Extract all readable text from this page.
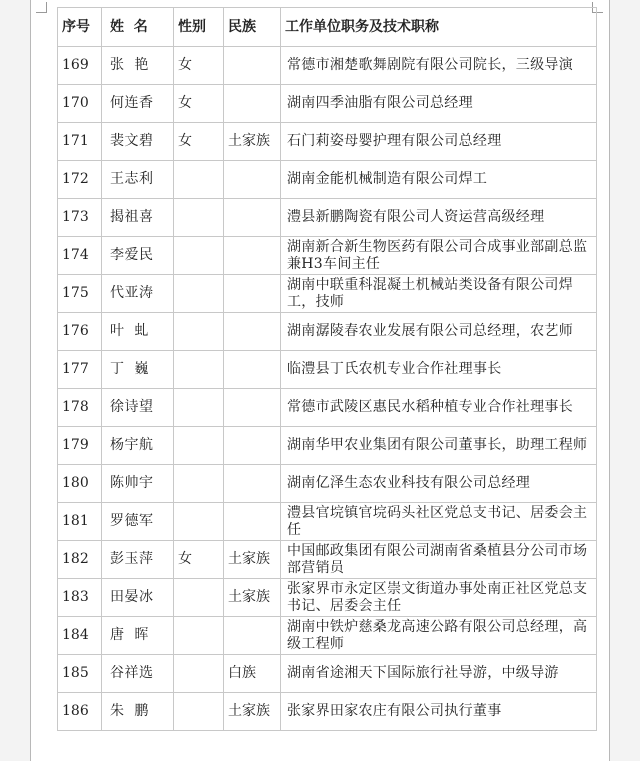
序号	姓  名	性别	民族	工作单位职务及技术职称
169	张  艳	女		常德市湘楚歌舞剧院有限公司院长，三级导演
170	何连香	女		湖南四季油脂有限公司总经理
171	裴文碧	女	土家族	石门莉姿母婴护理有限公司总经理
172	王志利			湖南金能机械制造有限公司焊工
173	揭祖喜			澧县新鹏陶瓷有限公司人资运营高级经理
174	李爱民			湖南新合新生物医药有限公司合成事业部副总监兼H3车间主任
175	代亚涛			湖南中联重科混凝土机械站类设备有限公司焊工，技师
176	叶  虬			湖南潺陵春农业发展有限公司总经理，农艺师
177	丁  巍			临澧县丁氏农机专业合作社理事长
178	徐诗望			常德市武陵区惠民水稻种植专业合作社理事长
179	杨宇航			湖南华甲农业集团有限公司董事长，助理工程师
180	陈帅宇			湖南亿泽生态农业科技有限公司总经理
181	罗德军			澧县官垸镇官垸码头社区党总支书记、居委会主任
182	彭玉萍	女	土家族	中国邮政集团有限公司湖南省桑植县分公司市场部营销员
183	田晏冰		土家族	张家界市永定区崇文街道办事处南正社区党总支书记、居委会主任
184	唐  晖			湖南中铁炉慈桑龙高速公路有限公司总经理，高级工程师
185	谷祥选		白族	湖南省途湘天下国际旅行社导游，中级导游
186	朱  鹏		土家族	张家界田家农庄有限公司执行董事
